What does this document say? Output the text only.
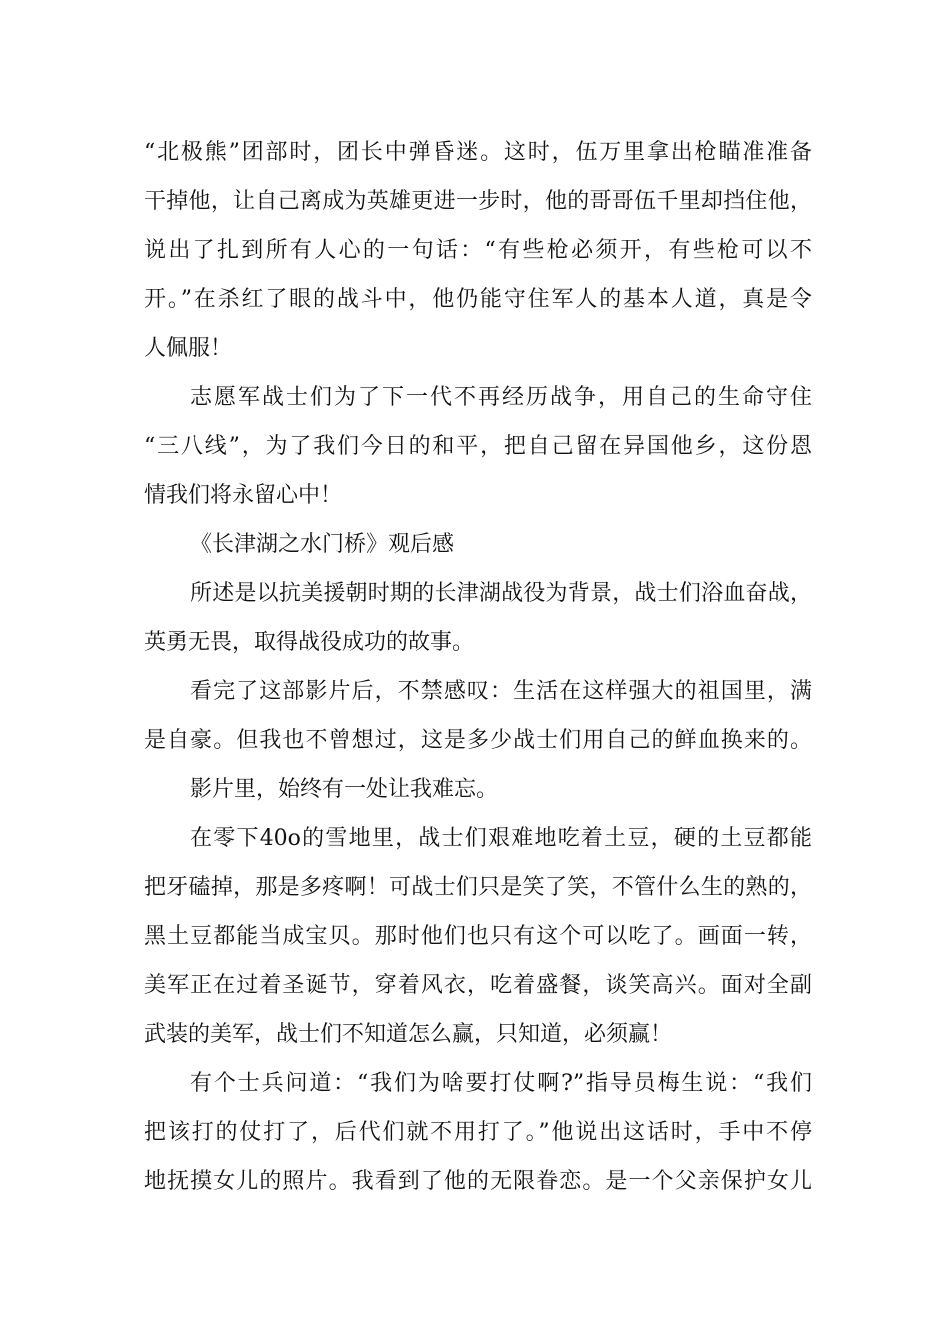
“北极熊”团部时，团长中弹昏迷。这时，伍万里拿出枪瞄准准备
干掉他，让自己离成为英雄更进一步时，他的哥哥伍千里却挡住他，
说出了扎到所有人心的一句话：“有些枪必须开，有些枪可以不
开。”在杀红了眼的战斗中，他仍能守住军人的基本人道，真是令
人佩服！
志愿军战士们为了下一代不再经历战争，用自己的生命守住
“三八线”，为了我们今日的和平，把自己留在异国他乡，这份恩
情我们将永留心中！
《长津湖之水门桥》观后感
所述是以抗美援朝时期的长津湖战役为背景，战士们浴血奋战，
英勇无畏，取得战役成功的故事。
看完了这部影片后，不禁感叹：生活在这样强大的祖国里，满
是自豪。但我也不曾想过，这是多少战士们用自己的鲜血换来的。
影片里，始终有一处让我难忘。
在零下40o的雪地里，战士们艰难地吃着土豆，硬的土豆都能
把牙磕掉，那是多疼啊！可战士们只是笑了笑，不管什么生的熟的，
黑土豆都能当成宝贝。那时他们也只有这个可以吃了。画面一转，
美军正在过着圣诞节，穿着风衣，吃着盛餐，谈笑高兴。面对全副
武装的美军，战士们不知道怎么赢，只知道，必须赢！
有个士兵问道：“我们为啥要打仗啊?”指导员梅生说：“我们
把该打的仗打了，后代们就不用打了。”他说出这话时，手中不停
地抚摸女儿的照片。我看到了他的无限眷恋。是一个父亲保护女儿
